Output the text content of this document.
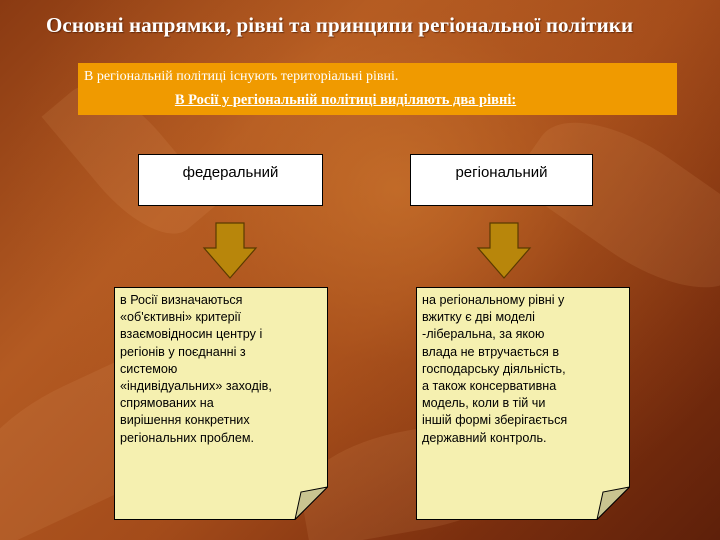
Основні напрямки, рівні та принципи регіональної політики
В регіональній політиці існують територіальні рівні.
В Росії у регіональній політиці виділяють два рівні:
федеральний	регіональний
в Росії визначаються
«об'єктивні» критерії
взаємовідносин центру і
регіонів у поєднанні з
системою
«індивідуальних» заходів,
спрямованих на
вирішення конкретних
регіональних проблем.
на регіональному рівні у
вжитку є дві моделі
-ліберальна, за якою
влада не втручається в
господарську діяльність,
а також консервативна
модель, коли в тій чи
іншій формі зберігається
державний контроль.
